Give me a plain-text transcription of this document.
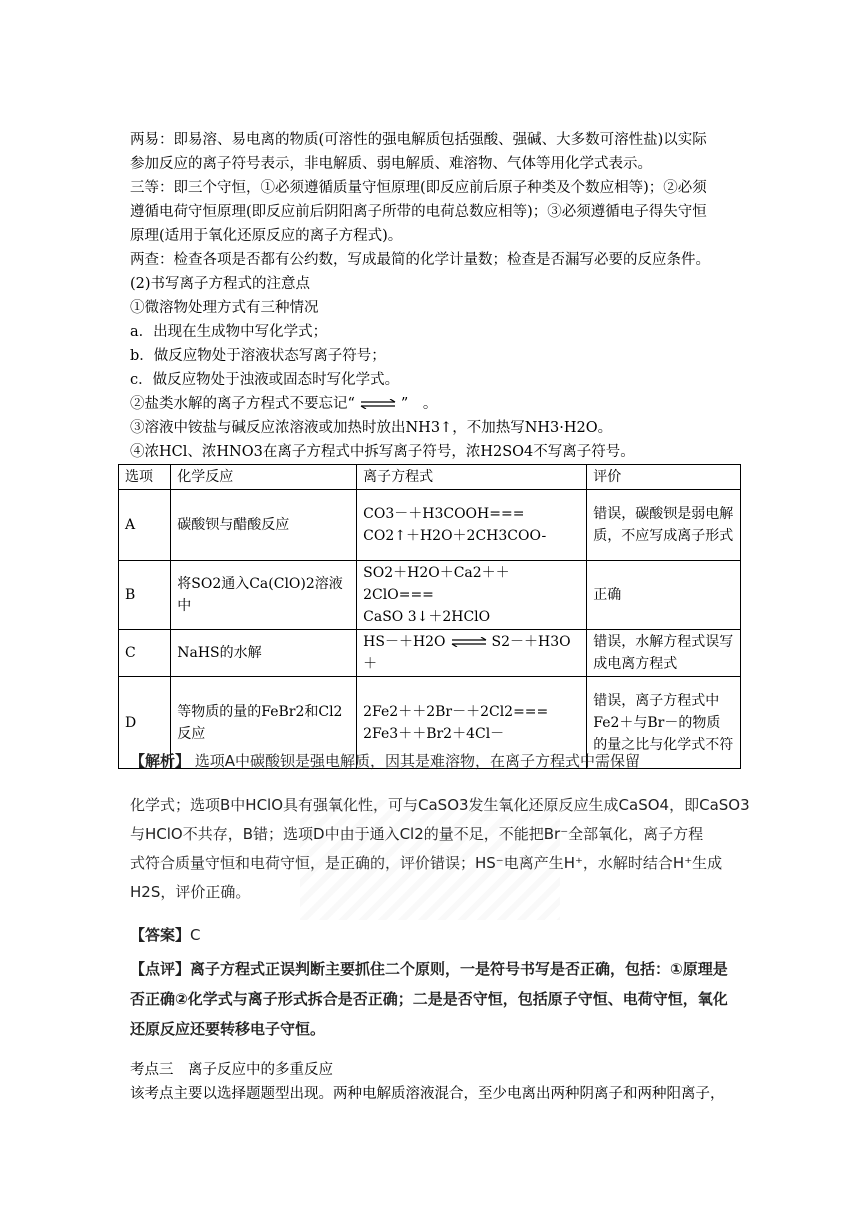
两易：即易溶、易电离的物质(可溶性的强电解质包括强酸、强碱、大多数可溶性盐)以实际
参加反应的离子符号表示，非电解质、弱电解质、难溶物、气体等用化学式表示。
三等：即三个守恒，①必须遵循质量守恒原理(即反应前后原子种类及个数应相等)；②必须
遵循电荷守恒原理(即反应前后阴阳离子所带的电荷总数应相等)；③必须遵循电子得失守恒
原理(适用于氧化还原反应的离子方程式)。
两查：检查各项是否都有公约数，写成最简的化学计量数；检查是否漏写必要的反应条件。
(2)书写离子方程式的注意点
①微溶物处理方式有三种情况
a．出现在生成物中写化学式；
b．做反应物处于溶液状态写离子符号；
c．做反应物处于浊液或固态时写化学式。
②盐类水解的离子方程式不要忘记“ ⇌ ”　。
③溶液中铵盐与碱反应浓溶液或加热时放出NH3↑，不加热写NH3·H2O。
④浓HCl、浓HNO3在离子方程式中拆写离子符号，浓H2SO4不写离子符号。
选项	化学反应	离子方程式	评价
A	碳酸钡与醋酸反应	CO3－＋H3COOH===
CO2↑＋H2O＋2CH3COO-	错误，碳酸钡是弱电解质，不应写成离子形式
B	将SO2通入Ca(ClO)2溶液中	SO2＋H2O＋Ca2＋＋2ClO===
CaSO 3↓＋2HClO	正确
C	NaHS的水解	HS－＋H2O ⇌ S2－＋H3O＋	错误，水解方程式误写成电离方程式
D	等物质的量的FeBr2和Cl2反应	2Fe2＋＋2Br－＋2Cl2===
2Fe3＋＋Br2＋4Cl－	错误，离子方程式中Fe2＋与Br－的物质的量之比与化学式不符
【解析】 选项A中碳酸钡是强电解质，因其是难溶物，在离子方程式中需保留
化学式；选项B中HClO具有强氧化性，可与CaSO3发生氧化还原反应生成CaSO4，即CaSO3
与HClO不共存，B错；选项D中由于通入Cl2的量不足，不能把Br⁻全部氧化，离子方程
式符合质量守恒和电荷守恒，是正确的，评价错误；HS⁻电离产生H⁺，水解时结合H⁺生成
H2S，评价正确。
【答案】C
【点评】离子方程式正误判断主要抓住二个原则，一是符号书写是否正确，包括：①原理是
否正确②化学式与离子形式拆合是否正确；二是是否守恒，包括原子守恒、电荷守恒，氧化
还原反应还要转移电子守恒。
考点三　离子反应中的多重反应
该考点主要以选择题题型出现。两种电解质溶液混合，至少电离出两种阴离子和两种阳离子，
